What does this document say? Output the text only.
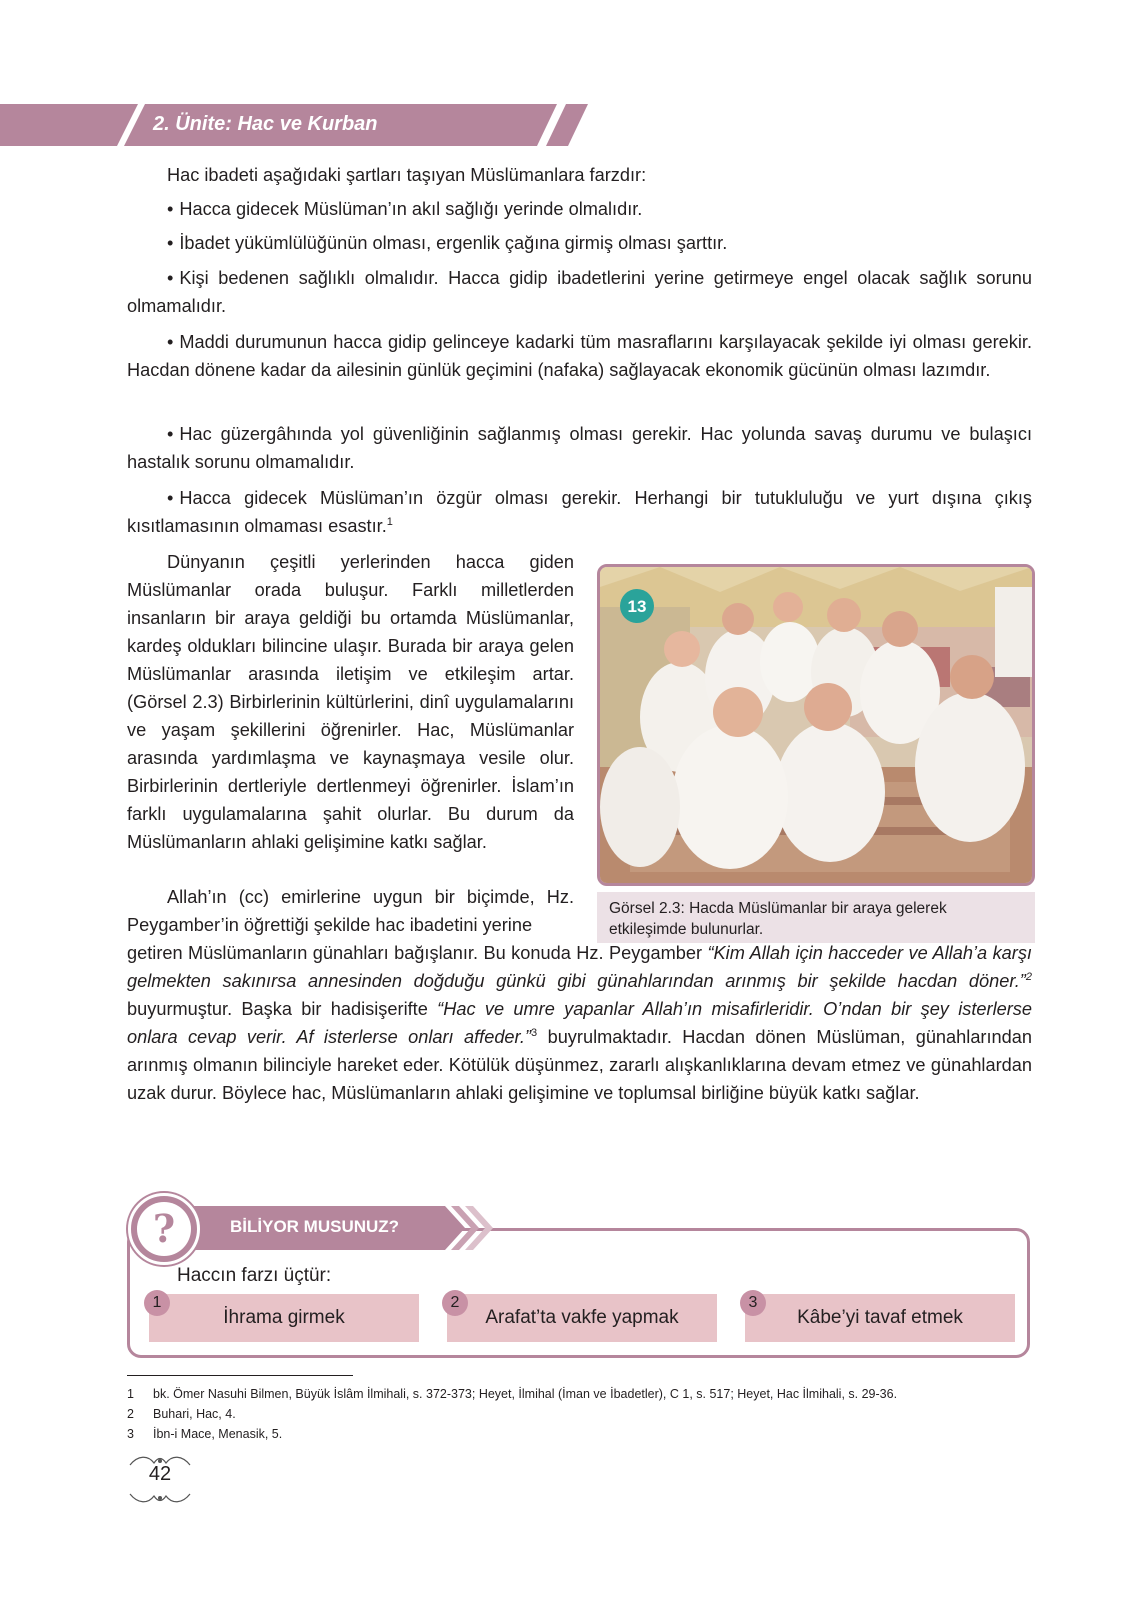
2. Ünite: Hac ve Kurban

Hac ibadeti aşağıdaki şartları taşıyan Müslümanlara farzdır:

• Hacca gidecek Müslüman’ın akıl sağlığı yerinde olmalıdır.

• İbadet yükümlülüğünün olması, ergenlik çağına girmiş olması şarttır.

• Kişi bedenen sağlıklı olmalıdır. Hacca gidip ibadetlerini yerine getirmeye engel olacak sağlık sorunu olmamalıdır.

• Maddi durumunun hacca gidip gelinceye kadarki tüm masraflarını karşılayacak şekilde iyi olması gerekir. Hacdan dönene kadar da ailesinin günlük geçimini (nafaka) sağlayacak ekonomik gücünün olması lazımdır.

• Hac güzergâhında yol güvenliğinin sağlanmış olması gerekir. Hac yolunda savaş durumu ve bulaşıcı hastalık sorunu olmamalıdır.

• Hacca gidecek Müslüman’ın özgür olması gerekir. Herhangi bir tutukluluğu ve yurt dışına çıkış kısıtlamasının olmaması esastır.$^1$

Dünyanın çeşitli yerlerinden hacca giden Müslümanlar orada buluşur. Farklı milletlerden insanların bir araya geldiği bu ortamda Müslümanlar, kardeş oldukları bilincine ulaşır. Burada bir araya gelen Müslümanlar arasında iletişim ve etkileşim artar. (Görsel 2.3) Birbirlerinin kültürlerini, dinî uygulamalarını ve yaşam şekillerini öğrenirler. Hac, Müslümanlar arasında yardımlaşma ve kaynaşmaya vesile olur. Birbirlerinin dertleriyle dertlenmeyi öğrenirler. İslam’ın farklı uygulamalarına şahit olurlar. Bu durum da Müslümanların ahlaki gelişimine katkı sağlar.

Allah’ın (cc) emirlerine uygun bir biçimde, Hz. Peygamber’in öğrettiği şekilde hac ibadetini yerine

getiren Müslümanların günahları bağışlanır. Bu konuda Hz. Peygamber “Kim Allah için hacceder ve Allah’a karşı gelmekten sakınırsa annesinden doğduğu günkü gibi günahlarından arınmış bir şekilde hacdan döner.”$^2$ buyurmuştur. Başka bir hadisişerifte “Hac ve umre yapanlar Allah’ın misafirleridir. O’ndan bir şey isterlerse onlara cevap verir. Af isterlerse onları affeder.”$^3$ buyrulmaktadır. Hacdan dönen Müslüman, günahlarından arınmış olmanın bilinciyle hareket eder. Kötülük düşünmez, zararlı alışkanlıklarına devam etmez ve günahlardan uzak durur. Böylece hac, Müslümanların ahlaki gelişimine ve toplumsal birliğine büyük katkı sağlar.

13
Görsel 2.3: Hacda Müslümanlar bir araya gelerek etkileşimde bulunurlar.
BİLİYOR MUSUNUZ?
?
Haccın farzı üçtür:
İhrama girmek
1
Arafat’ta vakfe yapmak
2
Kâbe’yi tavaf etmek
3
1 bk. Ömer Nasuhi Bilmen, Büyük İslâm İlmihali, s. 372-373; Heyet, İlmihal (İman ve İbadetler), C 1, s. 517; Heyet, Hac İlmihali, s. 29-36.
2 Buhari, Hac, 4.
3 İbn-i Mace, Menasik, 5.
42
